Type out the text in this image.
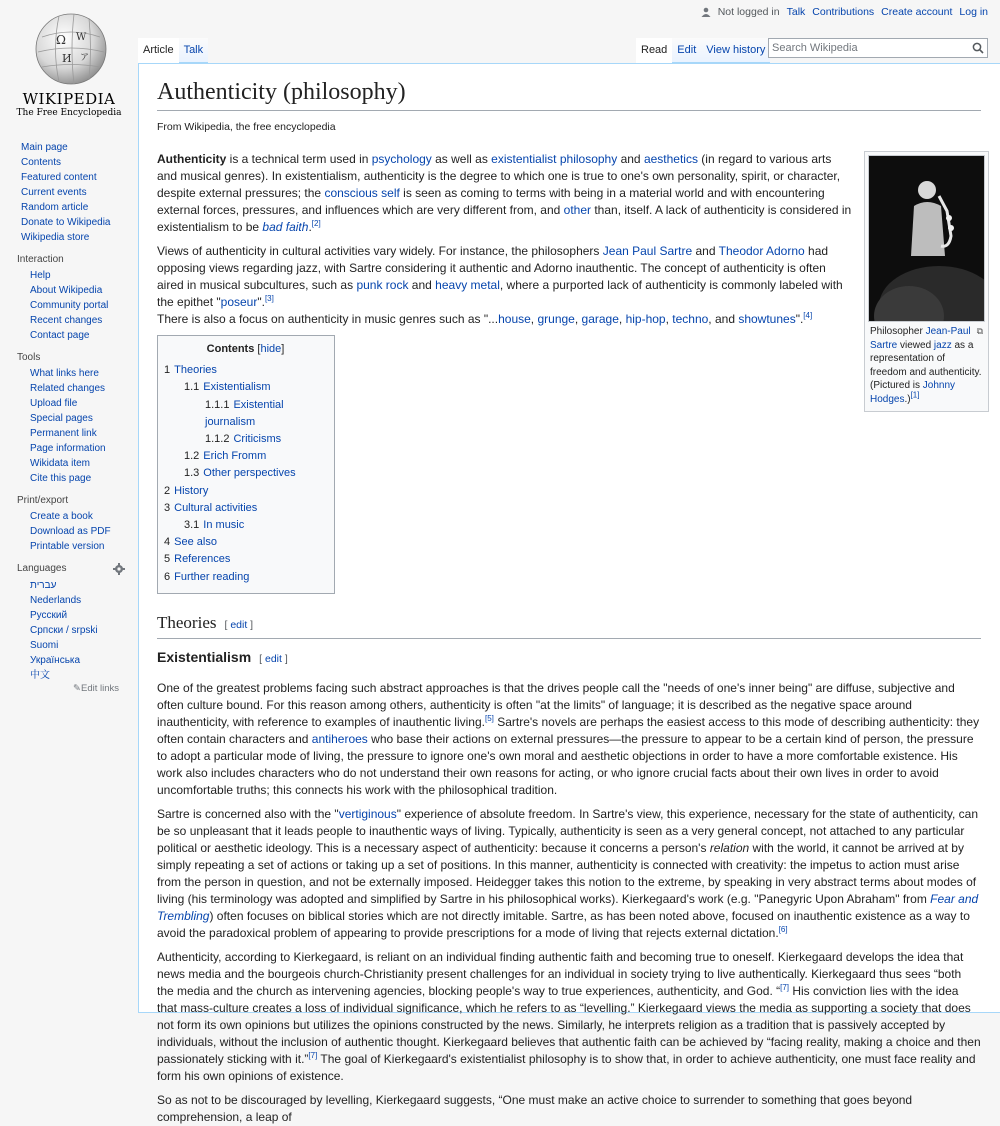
Ω W
И ア
WIKIPEDIA
The Free Encyclopedia
Main page
Contents
Featured content
Current events
Random article
Donate to Wikipedia
Wikipedia store
Interaction
Help
About Wikipedia
Community portal
Recent changes
Contact page
Tools
What links here
Related changes
Upload file
Special pages
Permanent link
Page information
Wikidata item
Cite this page
Print/export
Create a book
Download as PDF
Printable version
Languages
עברית
Nederlands
Русский
Српски / srpski
Suomi
Українська
中文
✎Edit links
Not logged in Talk Contributions Create account Log in
Article Talk	Read Edit View history Search Wikipedia
Authenticity (philosophy)
From Wikipedia, the free encyclopedia
⧉
Philosopher Jean-Paul Sartre viewed jazz as a representation of freedom and authenticity. (Pictured is Johnny Hodges.)[1]

Authenticity is a technical term used in psychology as well as existentialist philosophy and aesthetics (in regard to various arts and musical genres). In existentialism, authenticity is the degree to which one is true to one's own personality, spirit, or character, despite external pressures; the conscious self is seen as coming to terms with being in a material world and with encountering external forces, pressures, and influences which are very different from, and other than, itself. A lack of authenticity is considered in existentialism to be bad faith.[2]

Views of authenticity in cultural activities vary widely. For instance, the philosophers Jean Paul Sartre and Theodor Adorno had opposing views regarding jazz, with Sartre considering it authentic and Adorno inauthentic. The concept of authenticity is often aired in musical subcultures, such as punk rock and heavy metal, where a purported lack of authenticity is commonly labeled with the epithet "poseur".[3]
There is also a focus on authenticity in music genres such as "...house, grunge, garage, hip-hop, techno, and showtunes".[4]

Contents [hide]
1 Theories
1.1 Existentialism
1.1.1 Existential journalism
1.1.2 Criticisms
1.2 Erich Fromm
1.3 Other perspectives
2 History
3 Cultural activities
3.1 In music
4 See also
5 References
6 Further reading
Theories [ edit ]
Existentialism [ edit ]

One of the greatest problems facing such abstract approaches is that the drives people call the "needs of one's inner being" are diffuse, subjective and often culture bound. For this reason among others, authenticity is often "at the limits" of language; it is described as the negative space around inauthenticity, with reference to examples of inauthentic living.[5] Sartre's novels are perhaps the easiest access to this mode of describing authenticity: they often contain characters and antiheroes who base their actions on external pressures—the pressure to appear to be a certain kind of person, the pressure to adopt a particular mode of living, the pressure to ignore one's own moral and aesthetic objections in order to have a more comfortable existence. His work also includes characters who do not understand their own reasons for acting, or who ignore crucial facts about their own lives in order to avoid uncomfortable truths; this connects his work with the philosophical tradition.

Sartre is concerned also with the "vertiginous" experience of absolute freedom. In Sartre's view, this experience, necessary for the state of authenticity, can be so unpleasant that it leads people to inauthentic ways of living. Typically, authenticity is seen as a very general concept, not attached to any particular political or aesthetic ideology. This is a necessary aspect of authenticity: because it concerns a person's relation with the world, it cannot be arrived at by simply repeating a set of actions or taking up a set of positions. In this manner, authenticity is connected with creativity: the impetus to action must arise from the person in question, and not be externally imposed. Heidegger takes this notion to the extreme, by speaking in very abstract terms about modes of living (his terminology was adopted and simplified by Sartre in his philosophical works). Kierkegaard's work (e.g. "Panegyric Upon Abraham" from Fear and Trembling) often focuses on biblical stories which are not directly imitable. Sartre, as has been noted above, focused on inauthentic existence as a way to avoid the paradoxical problem of appearing to provide prescriptions for a mode of living that rejects external dictation.[6]

Authenticity, according to Kierkegaard, is reliant on an individual finding authentic faith and becoming true to oneself. Kierkegaard develops the idea that news media and the bourgeois church-Christianity present challenges for an individual in society trying to live authentically. Kierkegaard thus sees “both the media and the church as intervening agencies, blocking people's way to true experiences, authenticity, and God. “[7] His conviction lies with the idea that mass-culture creates a loss of individual significance, which he refers to as “levelling.” Kierkegaard views the media as supporting a society that does not form its own opinions but utilizes the opinions constructed by the news. Similarly, he interprets religion as a tradition that is passively accepted by individuals, without the inclusion of authentic thought. Kierkegaard believes that authentic faith can be achieved by “facing reality, making a choice and then passionately sticking with it.”[7] The goal of Kierkegaard's existentialist philosophy is to show that, in order to achieve authenticity, one must face reality and form his own opinions of existence.

So as not to be discouraged by levelling, Kierkegaard suggests, “One must make an active choice to surrender to something that goes beyond comprehension, a leap of
